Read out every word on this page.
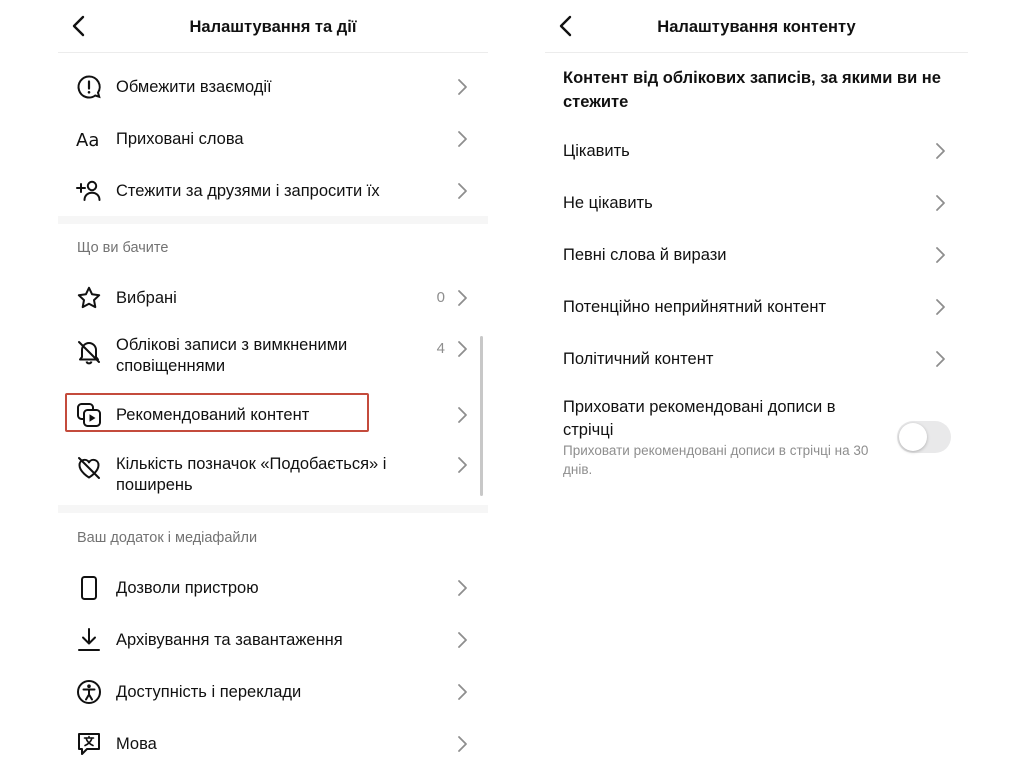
Налаштування та дії
Обмежити взаємодії
Aa Приховані слова
Стежити за друзями і запросити їх
Що ви бачите
Вибрані	0
Облікові записи з вимкненими сповіщеннями
4
Рекомендований контент
Кількість позначок «Подобається» і поширень
Ваш додаток і медіафайли
Дозволи пристрою
Архівування та завантаження
Доступність і переклади
Мова
Налаштування контенту
Контент від облікових записів, за якими ви не стежите
Цікавить
Не цікавить
Певні слова й вирази
Потенційно неприйнятний контент
Політичний контент
Приховати рекомендовані дописи в стрічці
Приховати рекомендовані дописи в стрічці на 30 днів.
